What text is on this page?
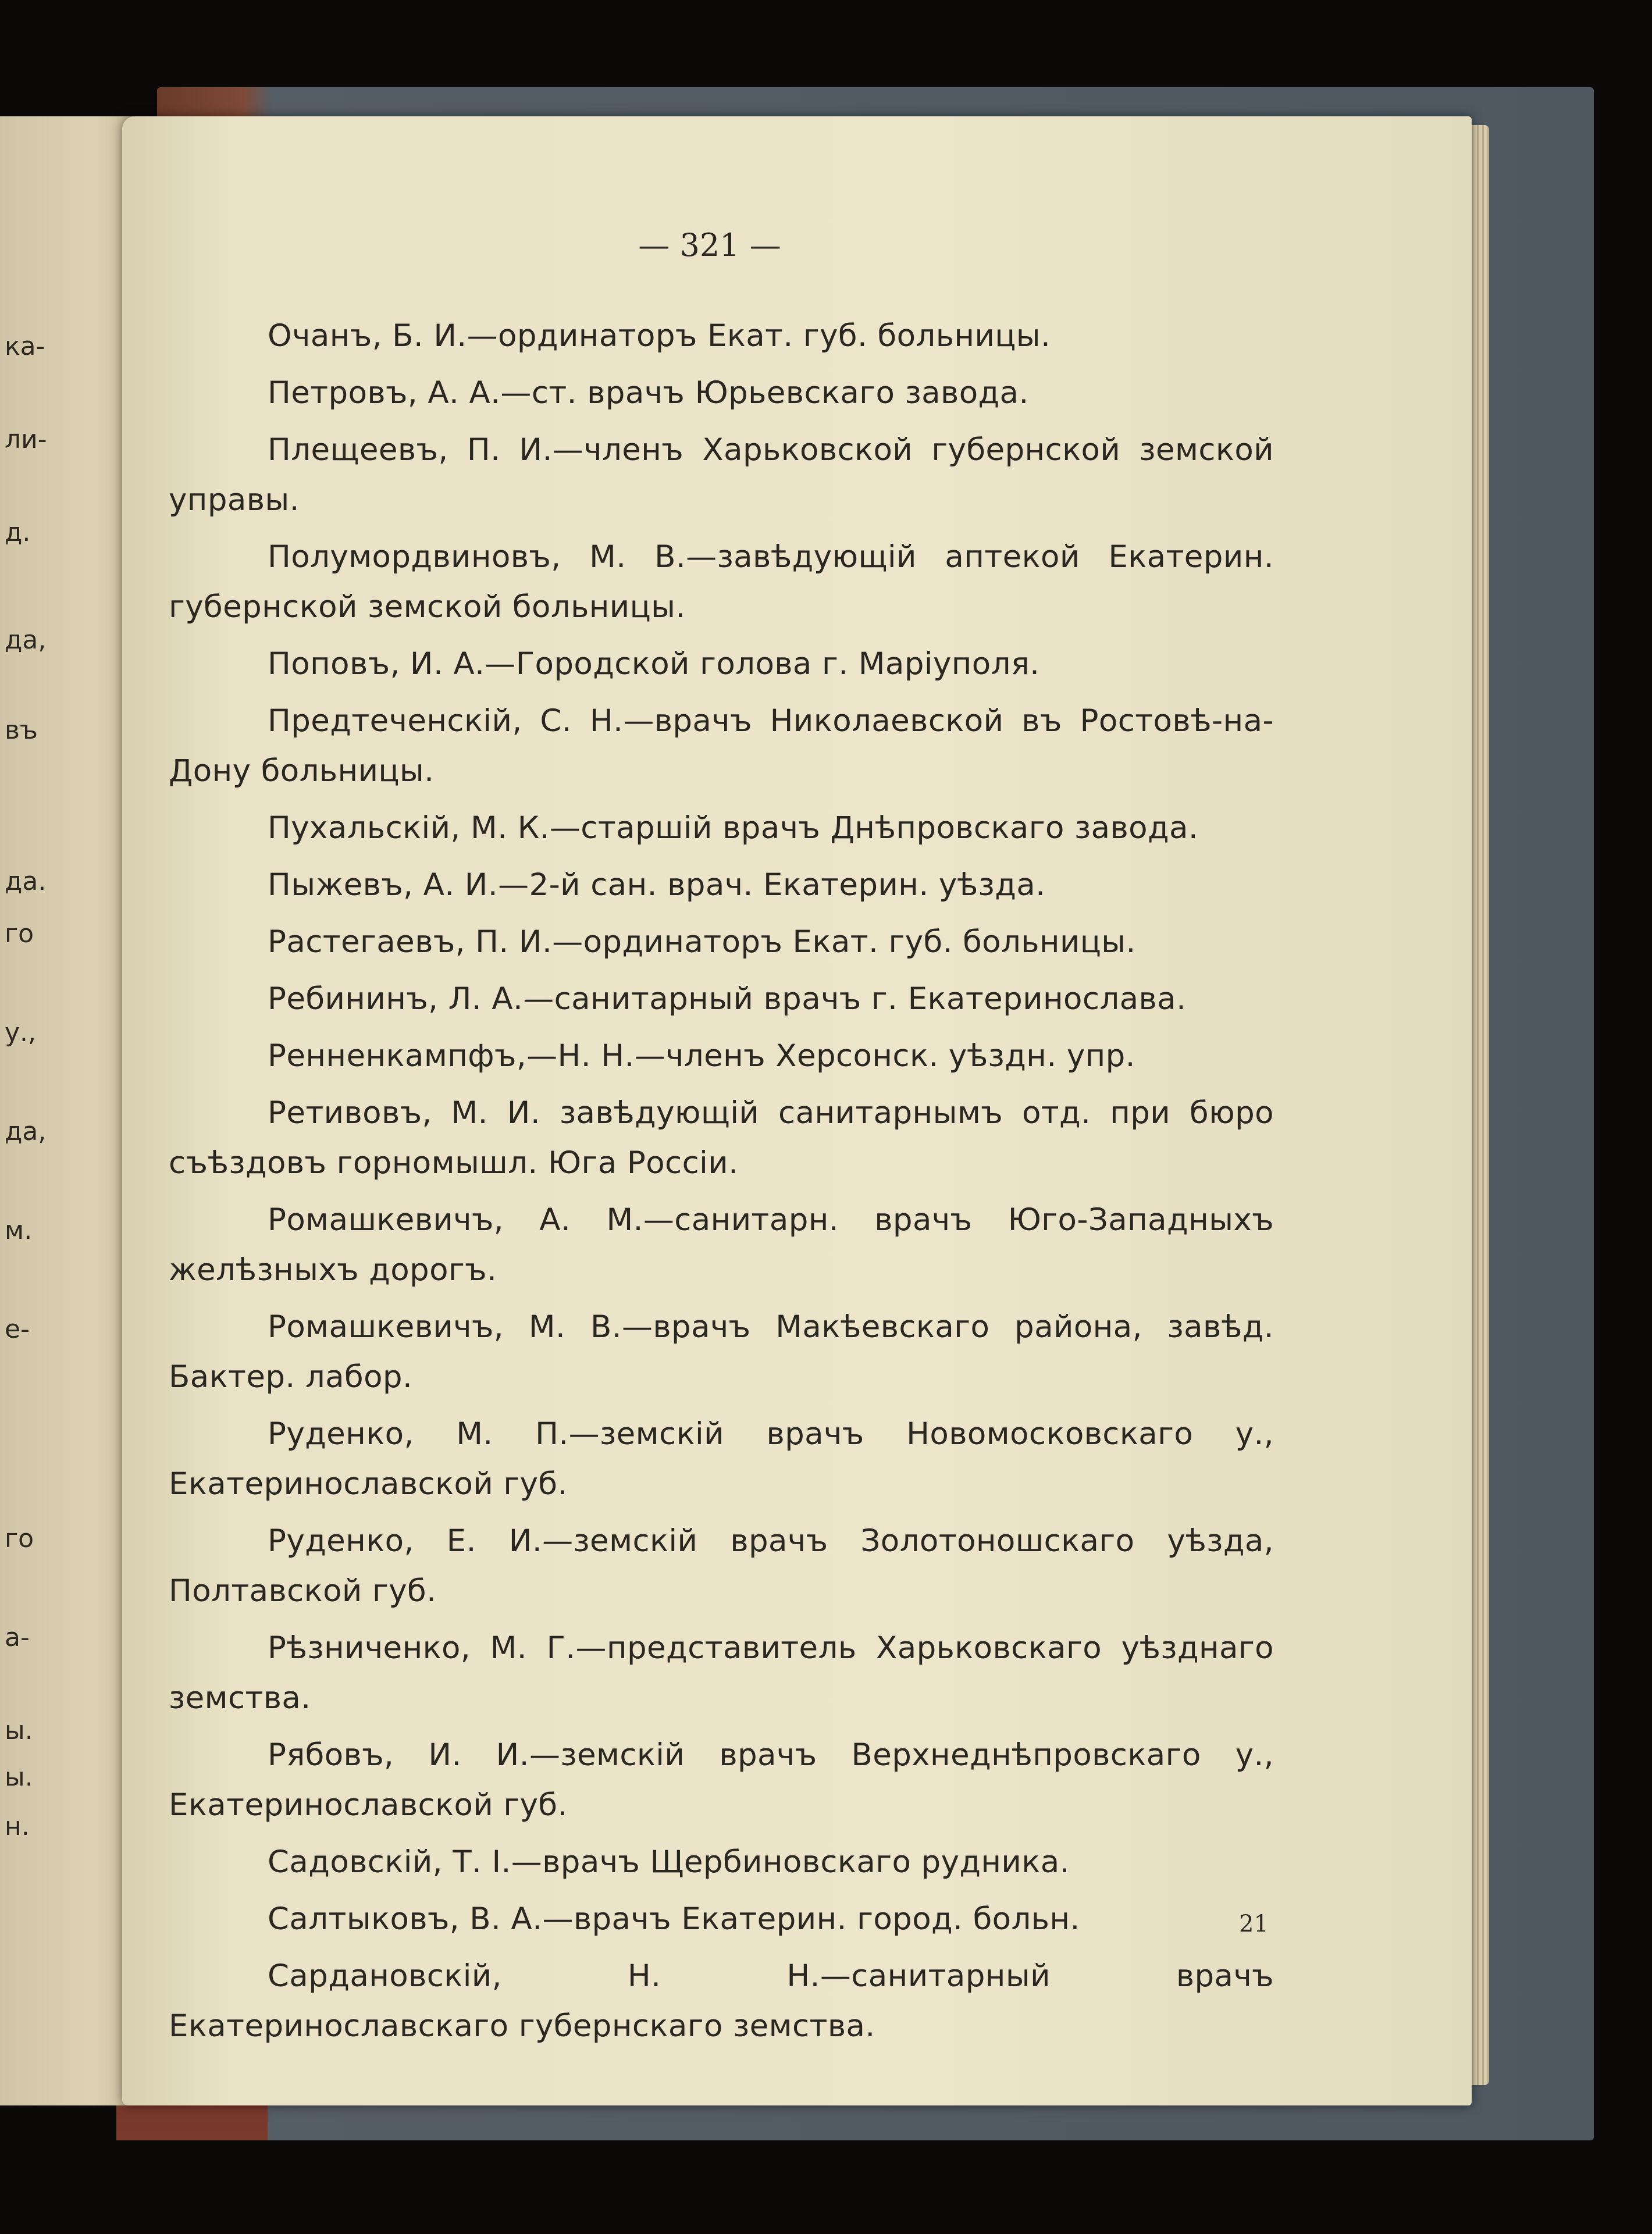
ка-
ли-
д.
да,
въ
да.
го
у.,
да,
м.
е-
го
а-
ы.
ы.
н.
— 321 —

Очанъ, Б. И.—ординаторъ Екат. губ. больницы.

Петровъ, А. А.—ст. врачъ Юрьевскаго завода.

Плещеевъ, П. И.—членъ Харьковской губернской земской управы.

Полумордвиновъ, М. В.—завѣдующій аптекой Екатерин. губернской земской больницы.

Поповъ, И. А.—Городской голова г. Маріуполя.

Предтеченскій, С. Н.—врачъ Николаевской въ Ростовѣ-на-Дону больницы.

Пухальскій, М. К.—старшій врачъ Днѣпровскаго завода.

Пыжевъ, А. И.—2-й сан. врач. Екатерин. уѣзда.

Растегаевъ, П. И.—ординаторъ Екат. губ. больницы.

Ребининъ, Л. А.—санитарный врачъ г. Екатеринослава.

Ренненкампфъ,—Н. Н.—членъ Херсонск. уѣздн. упр.

Ретивовъ, М. И. завѣдующій санитарнымъ отд. при бюро съѣздовъ горномышл. Юга Россіи.

Ромашкевичъ, А. М.—санитарн. врачъ Юго-Западныхъ желѣзныхъ дорогъ.

Ромашкевичъ, М. В.—врачъ Макѣевскаго района, завѣд. Бактер. лабор.

Руденко, М. П.—земскій врачъ Новомосковскаго у., Екатеринославской губ.

Руденко, Е. И.—земскій врачъ Золотоношскаго уѣзда, Полтавской губ.

Рѣзниченко, М. Г.—представитель Харьковскаго уѣзднаго земства.

Рябовъ, И. И.—земскій врачъ Верхнеднѣпровскаго у., Екатеринославской губ.

Садовскій, Т. І.—врачъ Щербиновскаго рудника.

Салтыковъ, В. А.—врачъ Екатерин. город. больн.

Сардановскій, Н. Н.—санитарный врачъ Екатеринославскаго губернскаго земства.

21
